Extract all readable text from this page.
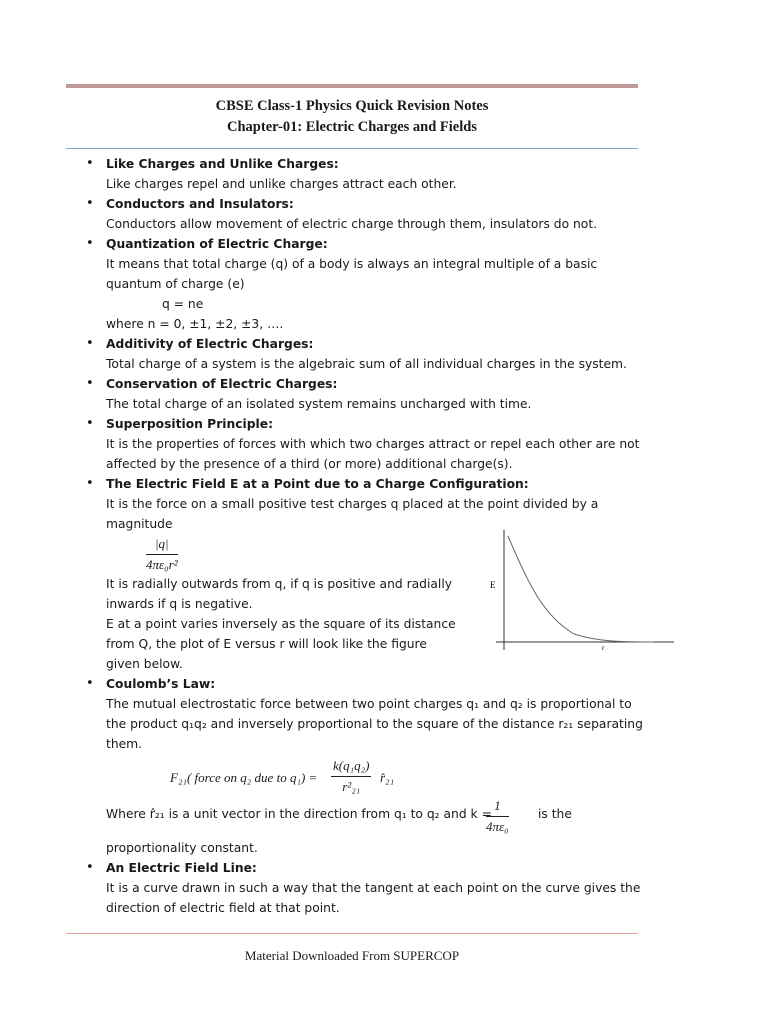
CBSE Class-1 Physics Quick Revision Notes
Chapter-01: Electric Charges and Fields
• Like Charges and Unlike Charges:
Like charges repel and unlike charges attract each other.
• Conductors and Insulators:
Conductors allow movement of electric charge through them, insulators do not.
• Quantization of Electric Charge:
It means that total charge (q) of a body is always an integral multiple of a basic quantum of charge (e)
q = ne
where n = 0, ±1, ±2, ±3, ….
• Additivity of Electric Charges:
Total charge of a system is the algebraic sum of all individual charges in the system.
• Conservation of Electric Charges:
The total charge of an isolated system remains uncharged with time.
• Superposition Principle:
It is the properties of forces with which two charges attract or repel each other are not affected by the presence of a third (or more) additional charge(s).
• The Electric Field E at a Point due to a Charge Configuration:
It is the force on a small positive test charges q placed at the point divided by a magnitude
$\frac{|q|}{\text{4πε₀r²}}$
It is radially outwards from q, if q is positive and radially inwards if q is negative.
E at a point varies inversely as the square of its distance from Q, the plot of E versus r will look like the figure given below.
E
r
• Coulomb’s Law:
The mutual electrostatic force between two point charges q₁ and q₂ is proportional to the product q₁q₂ and inversely proportional to the square of the distance r₂₁ separating them.
F₂₁( force on q₂ due to $q_1) = \frac{\text{k(q₁q₂)}}{\text{r²₂₁}}$ r̂₂₁
Where r̂₂₁ is a unit vector in the direction from q₁ to q₂ and k =
$\frac{1}{\text{4πε₀}}$ is the
proportionality constant.
• An Electric Field Line:
It is a curve drawn in such a way that the tangent at each point on the curve gives the direction of electric field at that point.
Material Downloaded From SUPERCOP
